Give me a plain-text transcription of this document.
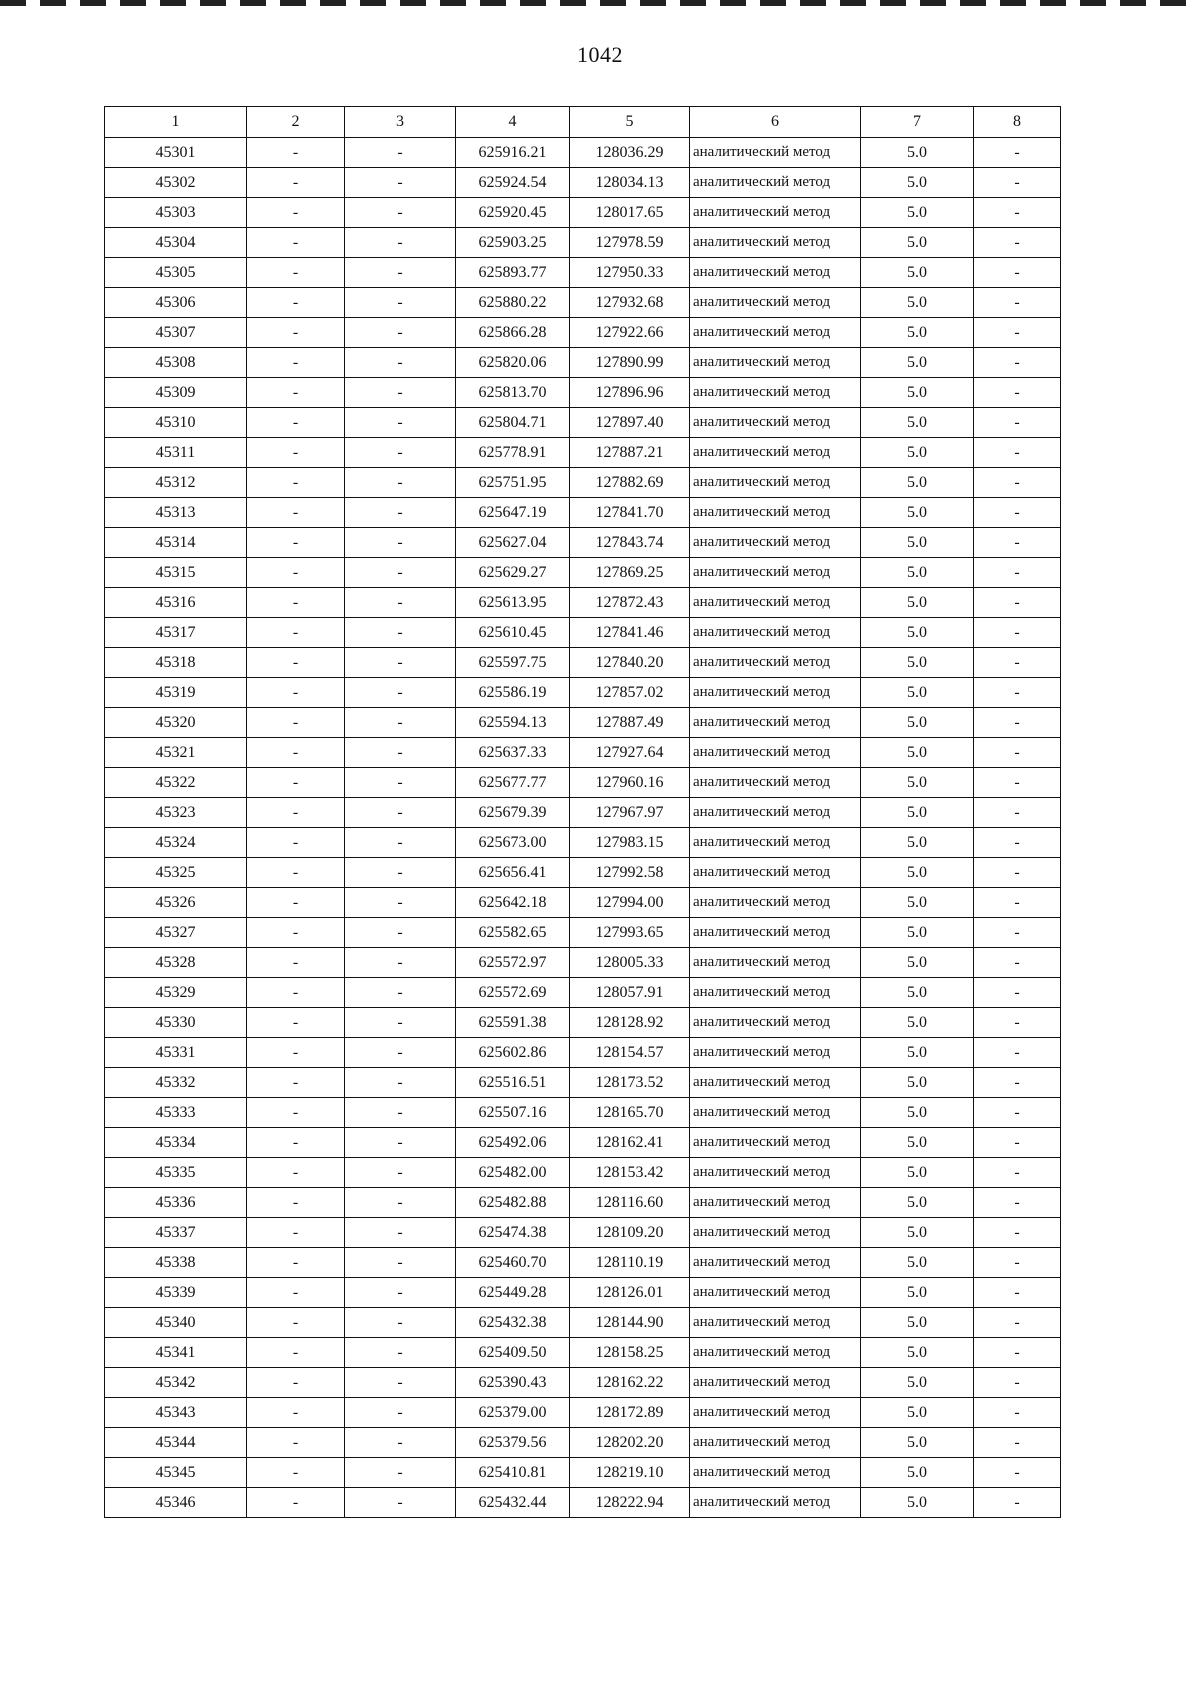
1042
1	2	3	4	5	6	7	8
45301	-	-	625916.21	128036.29	аналитический метод	5.0	-
45302	-	-	625924.54	128034.13	аналитический метод	5.0	-
45303	-	-	625920.45	128017.65	аналитический метод	5.0	-
45304	-	-	625903.25	127978.59	аналитический метод	5.0	-
45305	-	-	625893.77	127950.33	аналитический метод	5.0	-
45306	-	-	625880.22	127932.68	аналитический метод	5.0	-
45307	-	-	625866.28	127922.66	аналитический метод	5.0	-
45308	-	-	625820.06	127890.99	аналитический метод	5.0	-
45309	-	-	625813.70	127896.96	аналитический метод	5.0	-
45310	-	-	625804.71	127897.40	аналитический метод	5.0	-
45311	-	-	625778.91	127887.21	аналитический метод	5.0	-
45312	-	-	625751.95	127882.69	аналитический метод	5.0	-
45313	-	-	625647.19	127841.70	аналитический метод	5.0	-
45314	-	-	625627.04	127843.74	аналитический метод	5.0	-
45315	-	-	625629.27	127869.25	аналитический метод	5.0	-
45316	-	-	625613.95	127872.43	аналитический метод	5.0	-
45317	-	-	625610.45	127841.46	аналитический метод	5.0	-
45318	-	-	625597.75	127840.20	аналитический метод	5.0	-
45319	-	-	625586.19	127857.02	аналитический метод	5.0	-
45320	-	-	625594.13	127887.49	аналитический метод	5.0	-
45321	-	-	625637.33	127927.64	аналитический метод	5.0	-
45322	-	-	625677.77	127960.16	аналитический метод	5.0	-
45323	-	-	625679.39	127967.97	аналитический метод	5.0	-
45324	-	-	625673.00	127983.15	аналитический метод	5.0	-
45325	-	-	625656.41	127992.58	аналитический метод	5.0	-
45326	-	-	625642.18	127994.00	аналитический метод	5.0	-
45327	-	-	625582.65	127993.65	аналитический метод	5.0	-
45328	-	-	625572.97	128005.33	аналитический метод	5.0	-
45329	-	-	625572.69	128057.91	аналитический метод	5.0	-
45330	-	-	625591.38	128128.92	аналитический метод	5.0	-
45331	-	-	625602.86	128154.57	аналитический метод	5.0	-
45332	-	-	625516.51	128173.52	аналитический метод	5.0	-
45333	-	-	625507.16	128165.70	аналитический метод	5.0	-
45334	-	-	625492.06	128162.41	аналитический метод	5.0	-
45335	-	-	625482.00	128153.42	аналитический метод	5.0	-
45336	-	-	625482.88	128116.60	аналитический метод	5.0	-
45337	-	-	625474.38	128109.20	аналитический метод	5.0	-
45338	-	-	625460.70	128110.19	аналитический метод	5.0	-
45339	-	-	625449.28	128126.01	аналитический метод	5.0	-
45340	-	-	625432.38	128144.90	аналитический метод	5.0	-
45341	-	-	625409.50	128158.25	аналитический метод	5.0	-
45342	-	-	625390.43	128162.22	аналитический метод	5.0	-
45343	-	-	625379.00	128172.89	аналитический метод	5.0	-
45344	-	-	625379.56	128202.20	аналитический метод	5.0	-
45345	-	-	625410.81	128219.10	аналитический метод	5.0	-
45346	-	-	625432.44	128222.94	аналитический метод	5.0	-
